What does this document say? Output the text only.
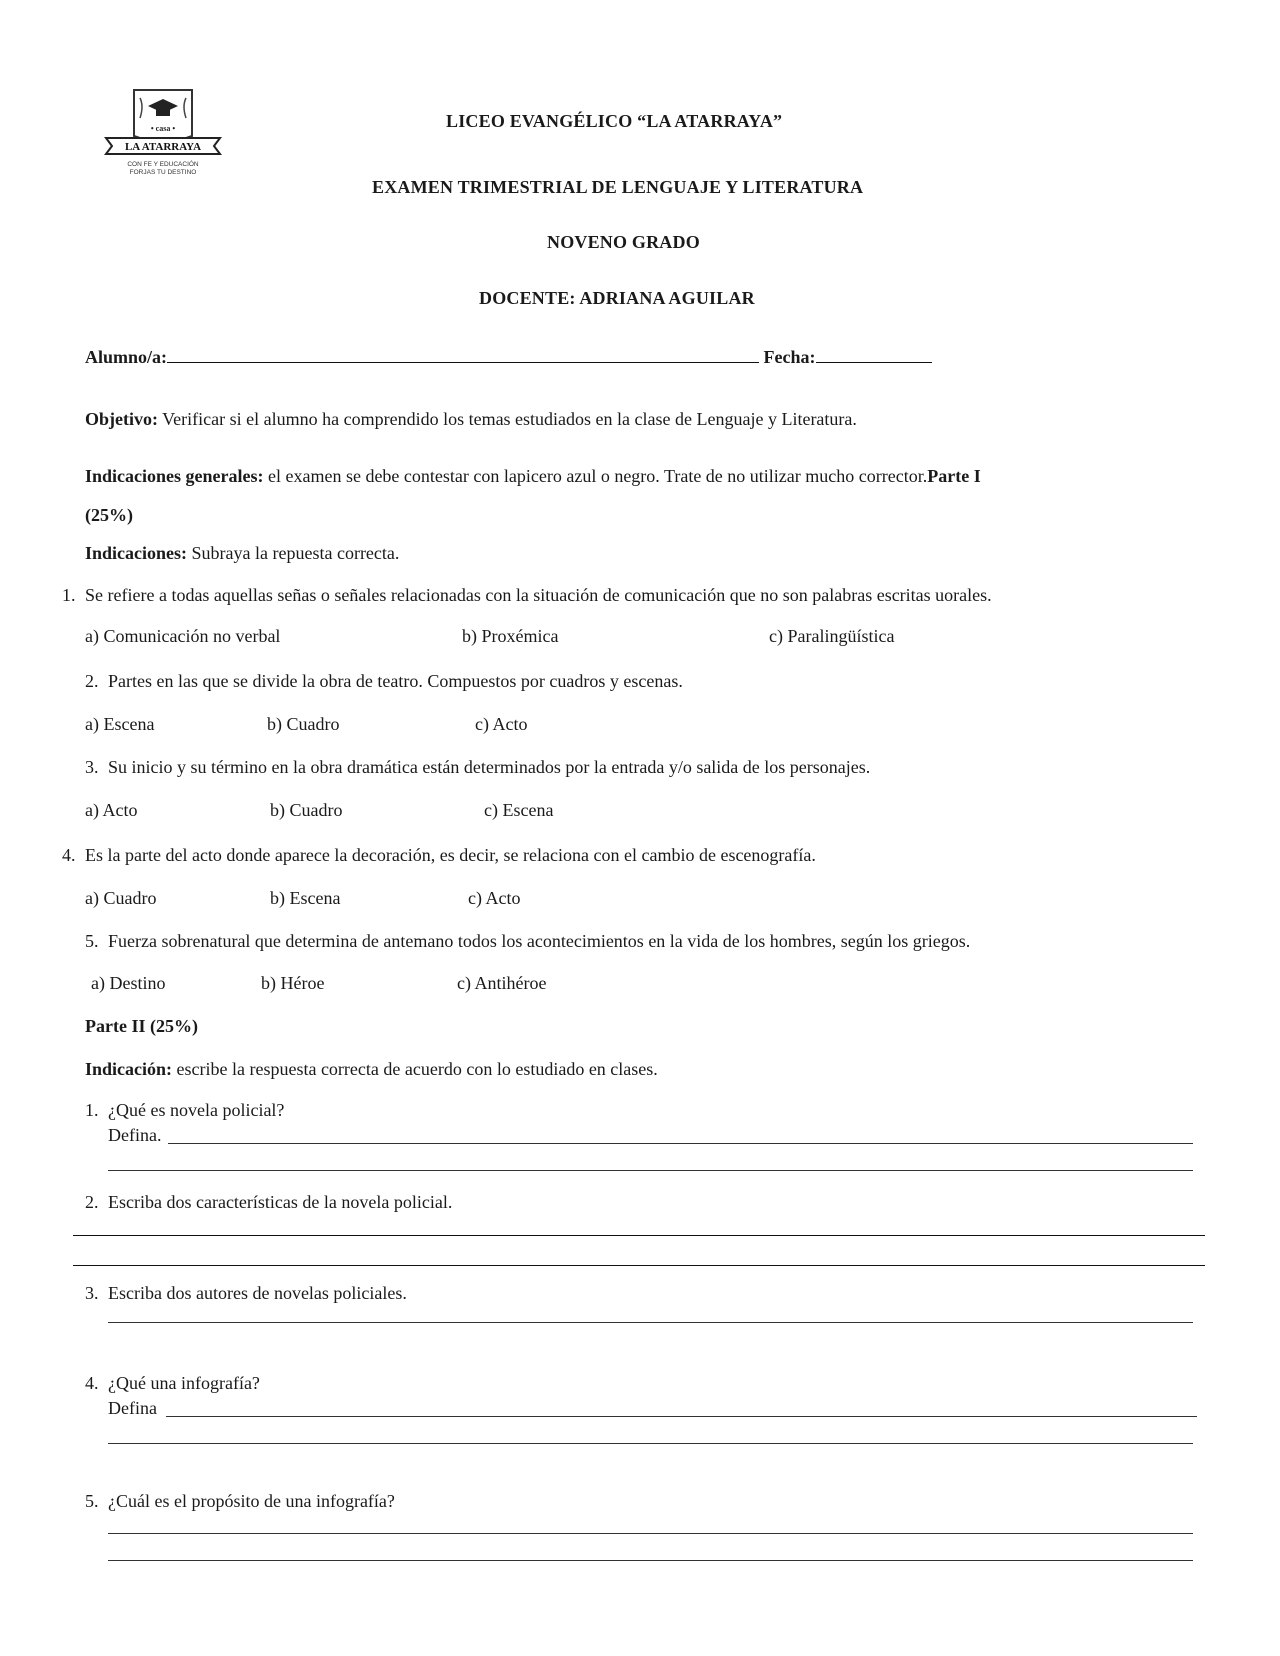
• casa •
LA ATARRAYA
CON FE Y EDUCACIÓN
FORJAS TU DESTINO
LICEO EVANGÉLICO “LA ATARRAYA”
EXAMEN TRIMESTRIAL DE LENGUAJE Y LITERATURA
NOVENO GRADO
DOCENTE: ADRIANA AGUILAR
Alumno/a:	Fecha:
Objetivo: Verificar si el alumno ha comprendido los temas estudiados en la clase de Lenguaje y Literatura.
Indicaciones generales: el examen se debe contestar con lapicero azul o negro. Trate de no utilizar mucho corrector.Parte I
(25%)
Indicaciones: Subraya la repuesta correcta.
1. Se refiere a todas aquellas señas o señales relacionadas con la situación de comunicación que no son palabras escritas uorales.
a) Comunicación no verbal	b) Proxémica	c) Paralingüística
2. Partes en las que se divide la obra de teatro. Compuestos por cuadros y escenas.
a) Escena	b) Cuadro	c) Acto
3. Su inicio y su término en la obra dramática están determinados por la entrada y/o salida de los personajes.
a) Acto	b) Cuadro	c) Escena
4. Es la parte del acto donde aparece la decoración, es decir, se relaciona con el cambio de escenografía.
a) Cuadro	b) Escena	c) Acto
5. Fuerza sobrenatural que determina de antemano todos los acontecimientos en la vida de los hombres, según los griegos.
a) Destino	b) Héroe	c) Antihéroe
Parte II (25%)
Indicación: escribe la respuesta correcta de acuerdo con lo estudiado en clases.
1. ¿Qué es novela policial?
Defina.
2. Escriba dos características de la novela policial.
3. Escriba dos autores de novelas policiales.
4. ¿Qué una infografía?
Defina
5. ¿Cuál es el propósito de una infografía?
